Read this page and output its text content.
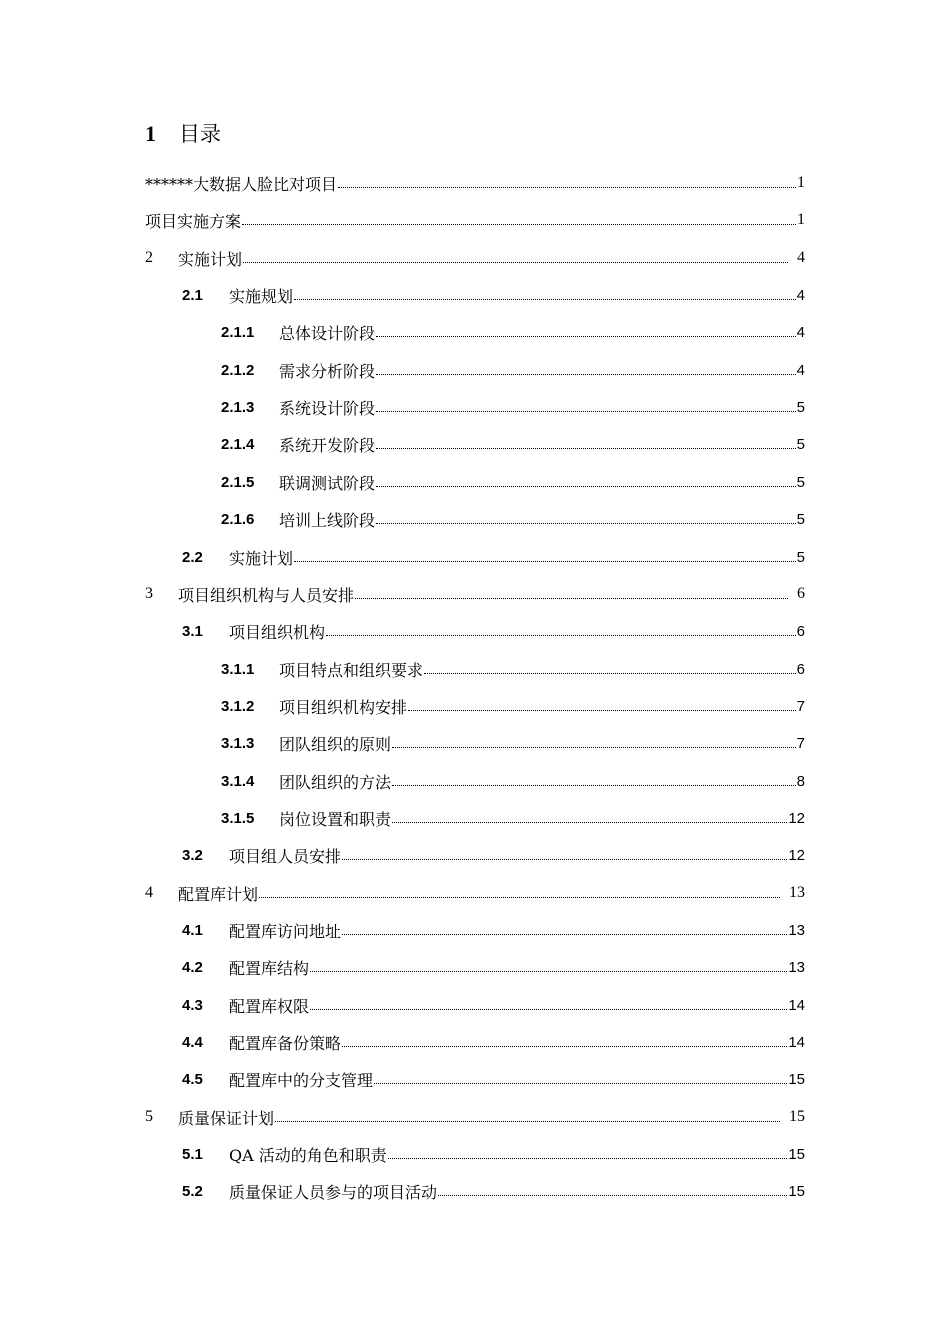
1	目录
******大数据人脸比对项目	1
项目实施方案	1
2	实施计划	4
2.1	实施规划	4
2.1.1	总体设计阶段	4
2.1.2	需求分析阶段	4
2.1.3	系统设计阶段	5
2.1.4	系统开发阶段	5
2.1.5	联调测试阶段	5
2.1.6	培训上线阶段	5
2.2	实施计划	5
3	项目组织机构与人员安排	6
3.1	项目组织机构	6
3.1.1	项目特点和组织要求	6
3.1.2	项目组织机构安排	7
3.1.3	团队组织的原则	7
3.1.4	团队组织的方法	8
3.1.5	岗位设置和职责	12
3.2	项目组人员安排	12
4	配置库计划	13
4.1	配置库访问地址	13
4.2	配置库结构	13
4.3	配置库权限	14
4.4	配置库备份策略	14
4.5	配置库中的分支管理	15
5	质量保证计划	15
5.1	QA 活动的角色和职责	15
5.2	质量保证人员参与的项目活动	15
